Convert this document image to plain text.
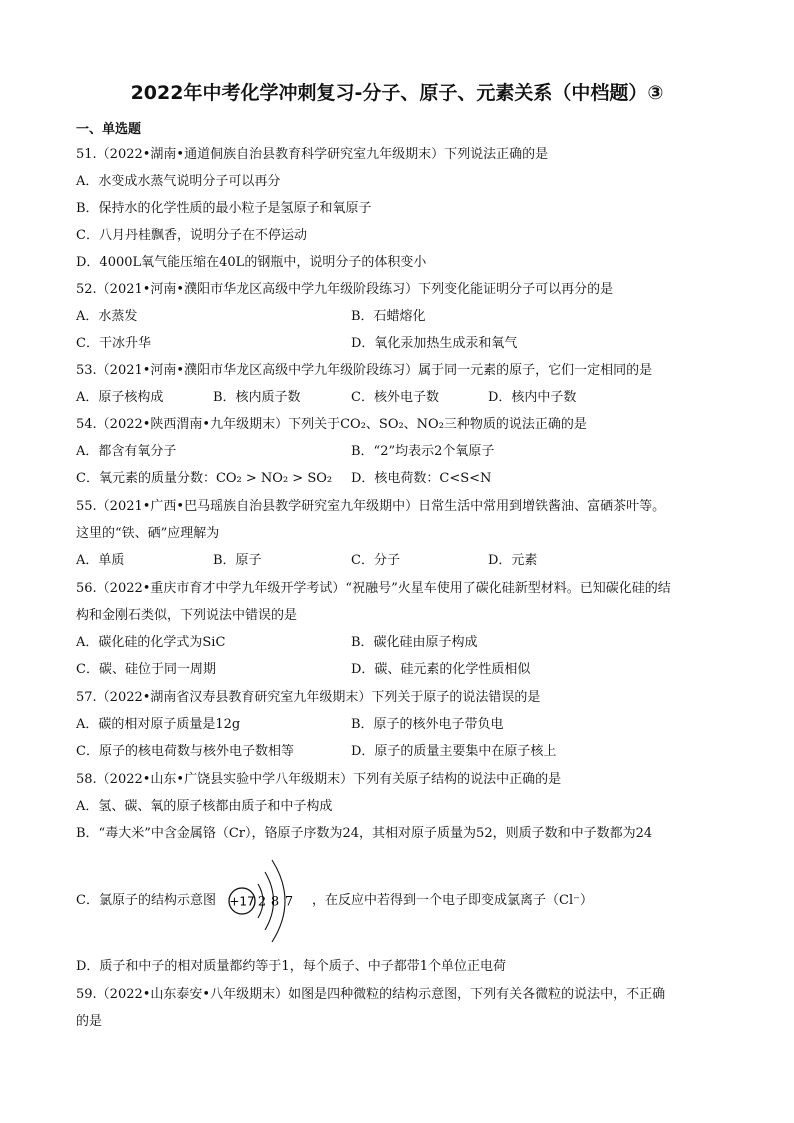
2022年中考化学冲刺复习-分子、原子、元素关系（中档题）③
一、单选题
51.（2022•湖南•通道侗族自治县教育科学研究室九年级期末）下列说法正确的是
A．水变成水蒸气说明分子可以再分
B．保持水的化学性质的最小粒子是氢原子和氧原子
C．八月丹桂飘香，说明分子在不停运动
D．4000L氧气能压缩在40L的钢瓶中，说明分子的体积变小
52.（2021•河南•濮阳市华龙区高级中学九年级阶段练习）下列变化能证明分子可以再分的是
A．水蒸发	B．石蜡熔化
C．干冰升华	D．氧化汞加热生成汞和氧气
53.（2021•河南•濮阳市华龙区高级中学九年级阶段练习）属于同一元素的原子，它们一定相同的是
A．原子核构成	B．核内质子数	C．核外电子数	D．核内中子数
54.（2022•陕西渭南•九年级期末）下列关于CO₂、SO₂、NO₂三种物质的说法正确的是
A．都含有氧分子	B．“2”均表示2个氧原子
C．氧元素的质量分数：CO₂ > NO₂ > SO₂ D．核电荷数：C<S<N
55.（2021•广西•巴马瑶族自治县教学研究室九年级期中）日常生活中常用到增铁酱油、富硒茶叶等。
这里的“铁、硒”应理解为
A．单质	B．原子	C．分子	D．元素
56.（2022•重庆市育才中学九年级开学考试）“祝融号”火星车使用了碳化硅新型材料。已知碳化硅的结
构和金刚石类似，下列说法中错误的是
A．碳化硅的化学式为SiC	B．碳化硅由原子构成
C．碳、硅位于同一周期	D．碳、硅元素的化学性质相似
57.（2022•湖南省汉寿县教育研究室九年级期末）下列关于原子的说法错误的是
A．碳的相对原子质量是12g	B．原子的核外电子带负电
C．原子的核电荷数与核外电子数相等	D．原子的质量主要集中在原子核上
58.（2022•山东•广饶县实验中学八年级期末）下列有关原子结构的说法中正确的是
A．氢、碳、氧的原子核都由质子和中子构成
B．“毒大米”中含金属铬（Cr），铬原子序数为24，其相对原子质量为52，则质子数和中子数都为24
C．氯原子的结构示意图 +17 2 8 7 ，在反应中若得到一个电子即变成氯离子（Cl⁻）
D．质子和中子的相对质量都约等于1，每个质子、中子都带1个单位正电荷
59.（2022•山东泰安•八年级期末）如图是四种微粒的结构示意图，下列有关各微粒的说法中，不正确
的是
